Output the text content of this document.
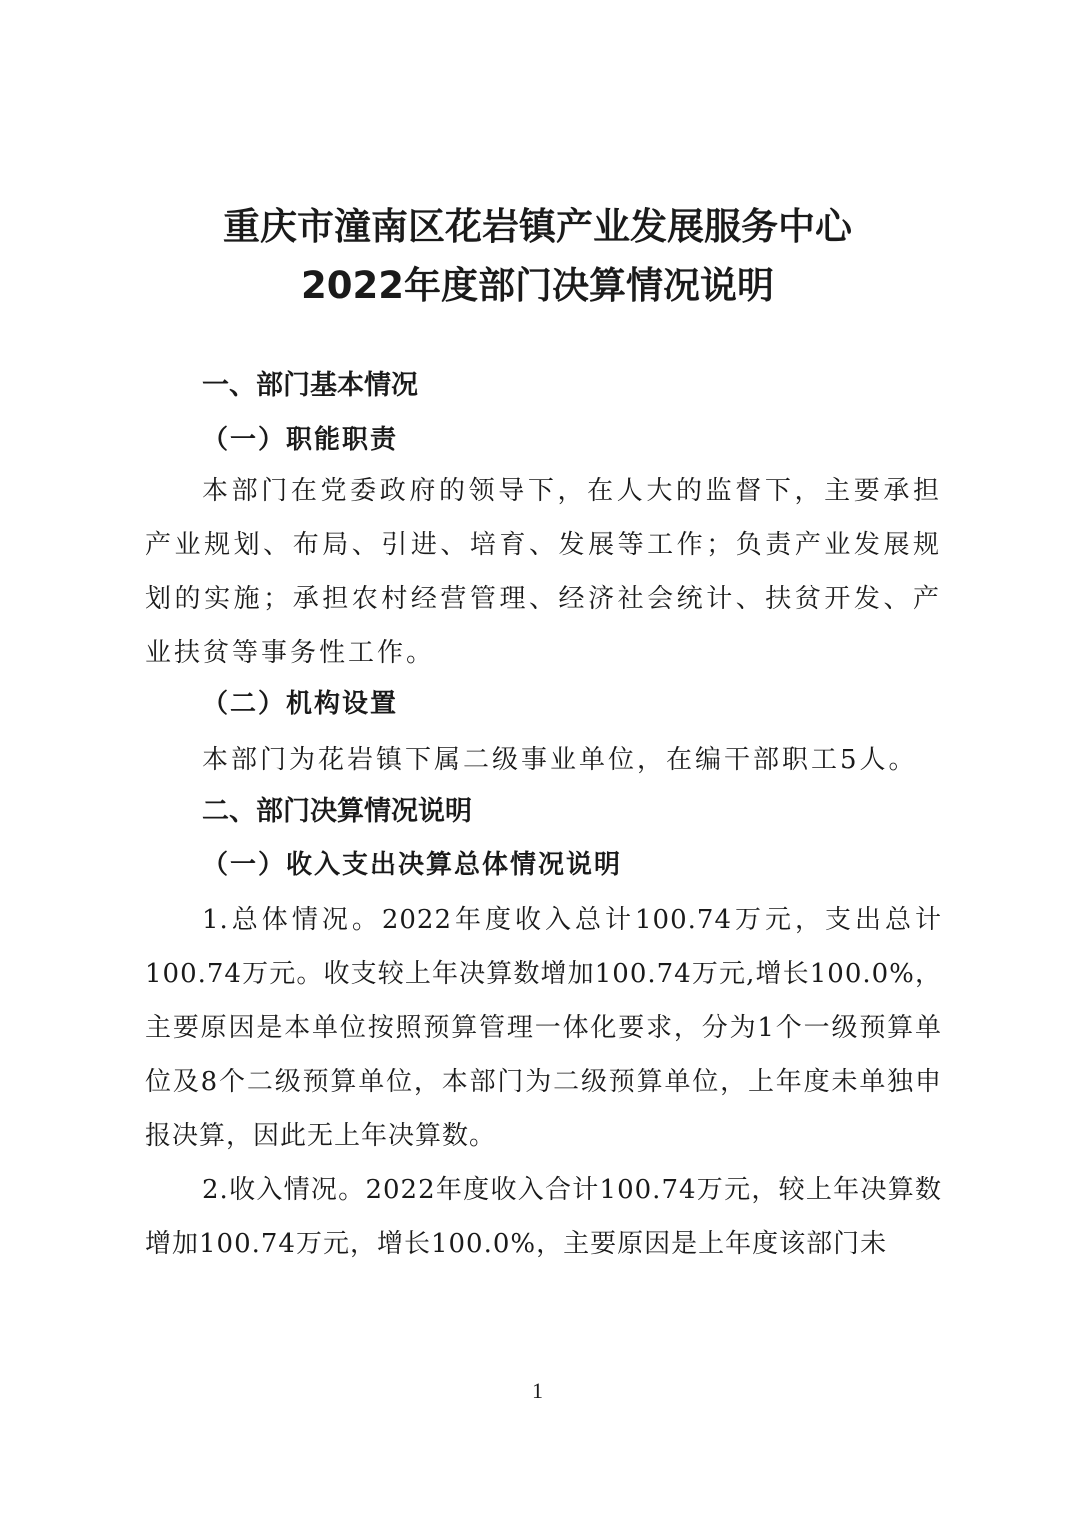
重庆市潼南区花岩镇产业发展服务中心
2022年度部门决算情况说明
一、部门基本情况
（一）职能职责

本部门在党委政府的领导下，在人大的监督下，主要承担产业规划、布局、引进、培育、发展等工作；负责产业发展规划的实施；承担农村经营管理、经济社会统计、扶贫开发、产业扶贫等事务性工作。

（二）机构设置

本部门为花岩镇下属二级事业单位，在编干部职工5人。

二、部门决算情况说明
（一）收入支出决算总体情况说明

1.总体情况。2022年度收入总计100.74万元，支出总计100.74万元。收支较上年决算数增加100.74万元,增长100.0%，主要原因是本单位按照预算管理一体化要求，分为1个一级预算单位及8个二级预算单位，本部门为二级预算单位，上年度未单独申报决算，因此无上年决算数。

2.收入情况。2022年度收入合计100.74万元，较上年决算数增加100.74万元，增长100.0%，主要原因是上年度该部门未

1
